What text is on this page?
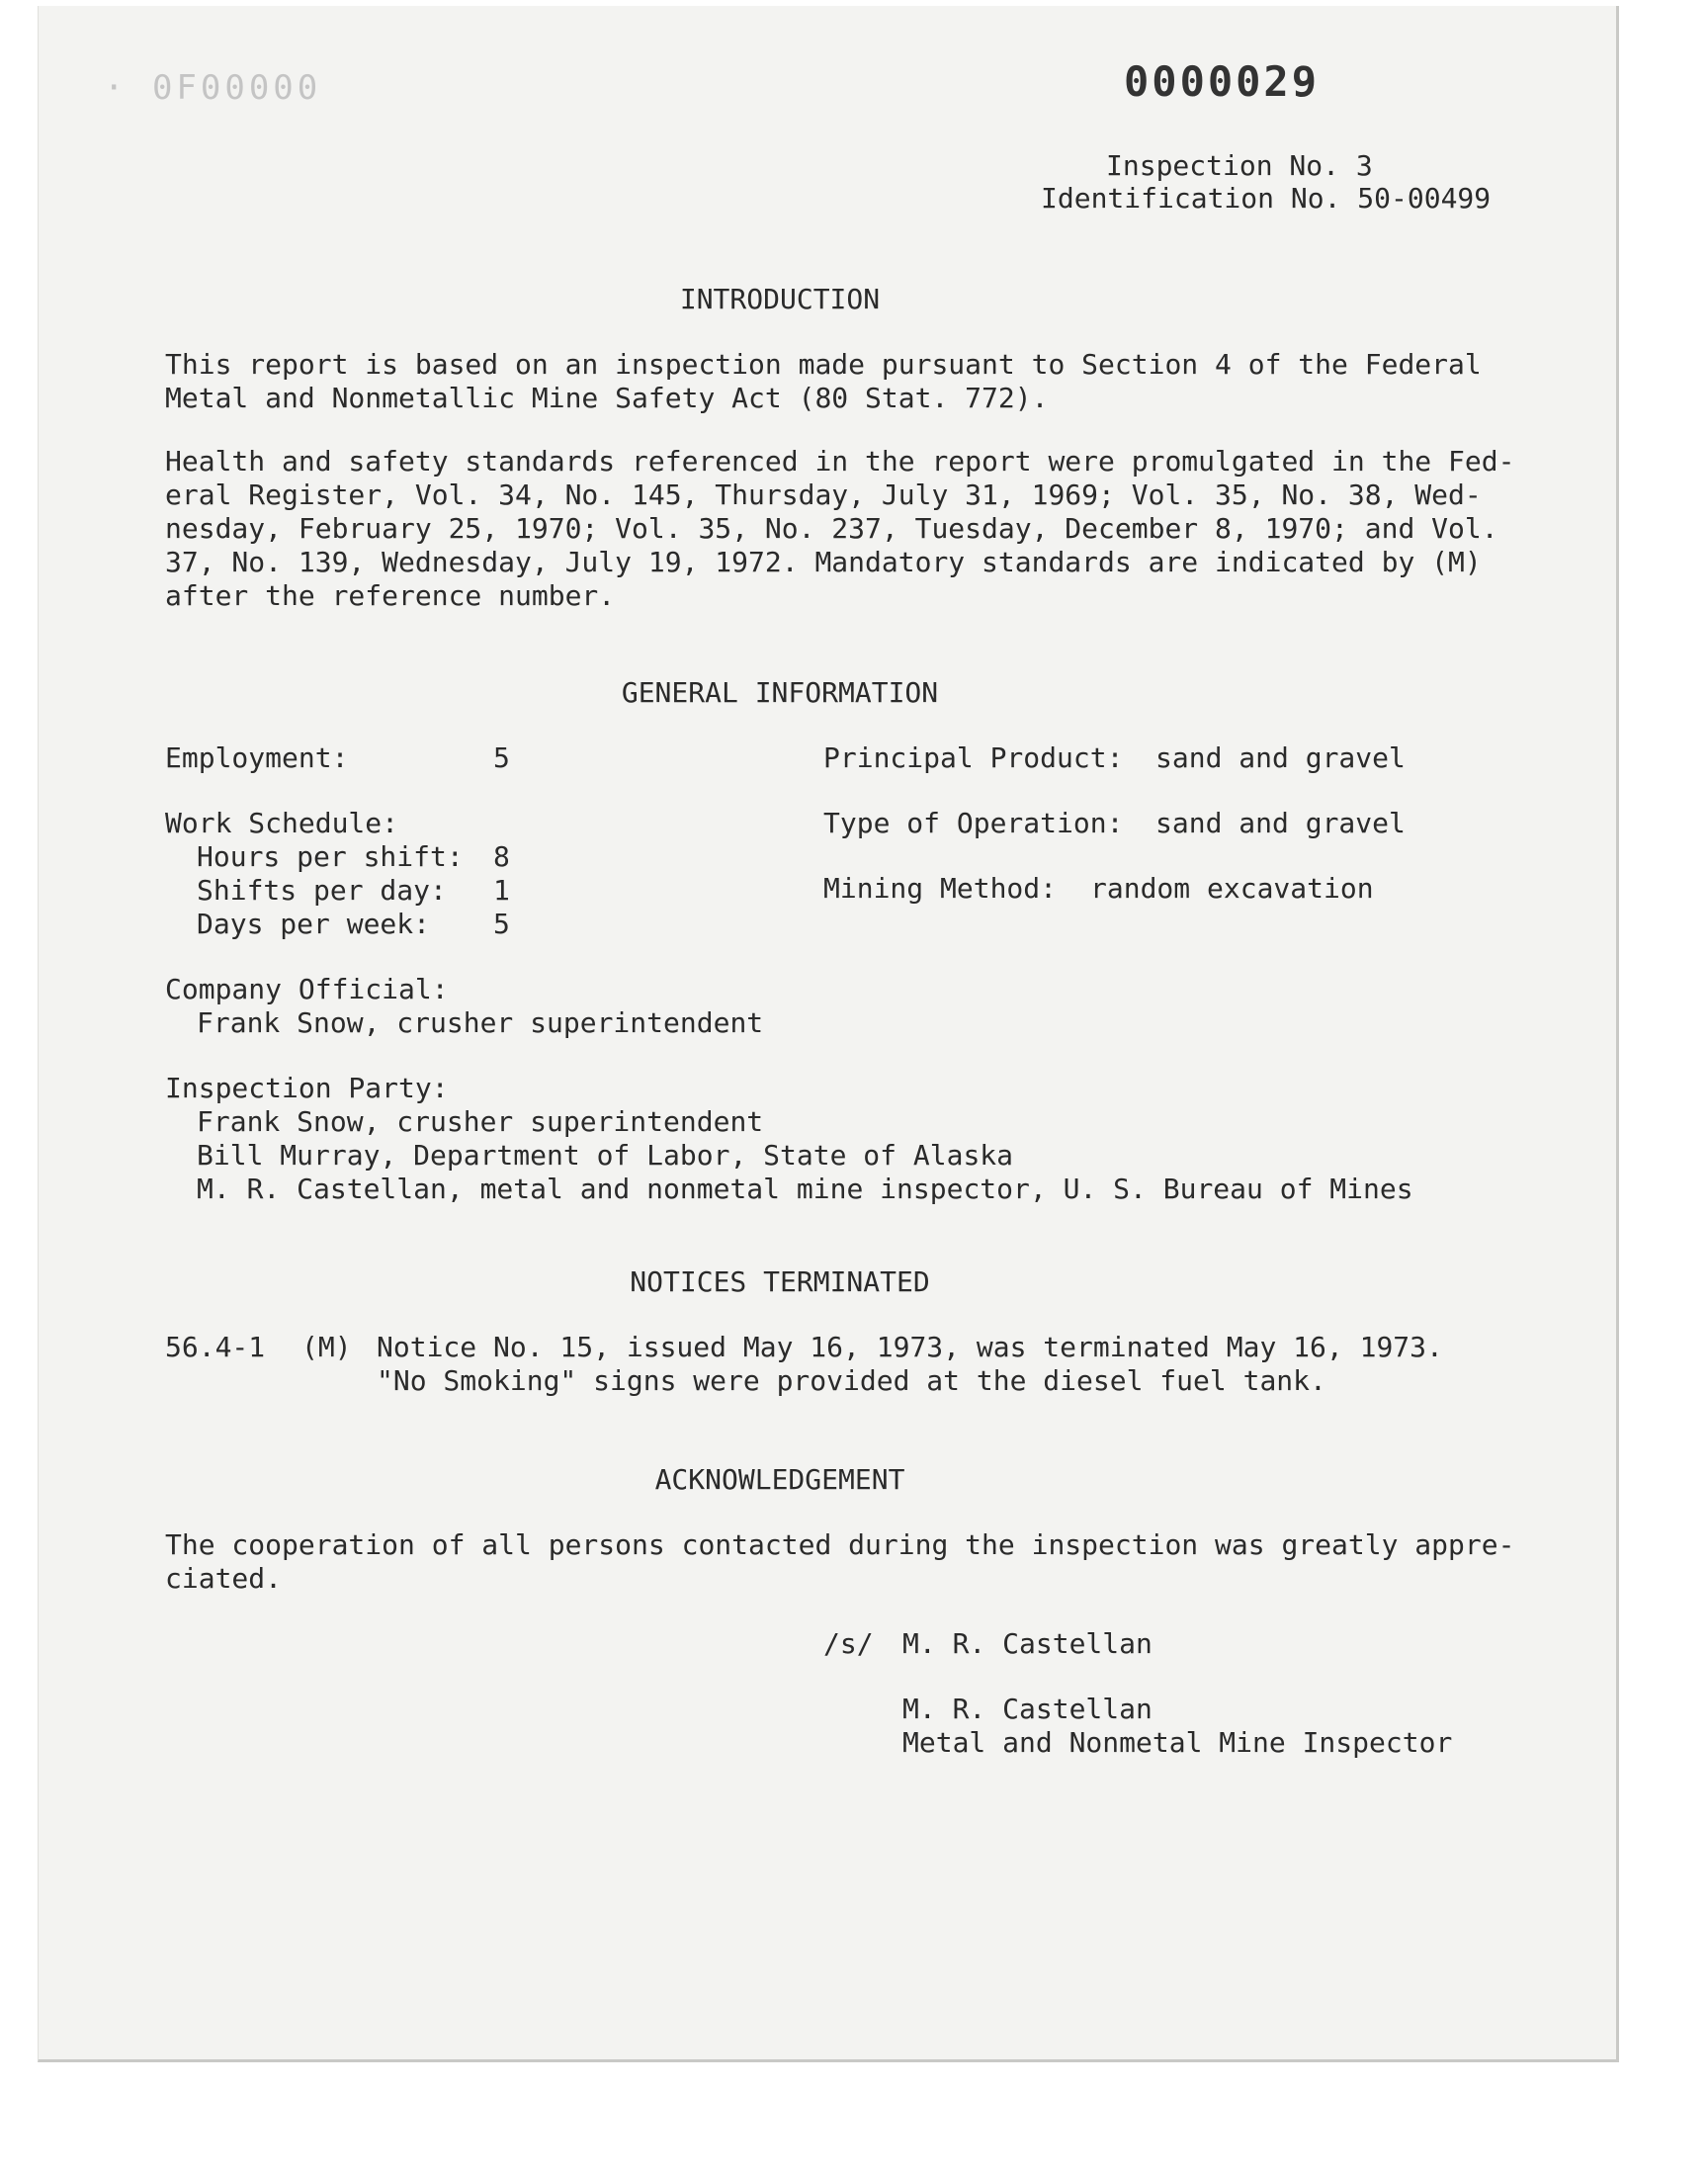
· 0F00000	0000029
Inspection No. 3
Identification No. 50-00499
INTRODUCTION
This report is based on an inspection made pursuant to Section 4 of the Federal
Metal and Nonmetallic Mine Safety Act (80 Stat. 772).
Health and safety standards referenced in the report were promulgated in the Fed-
eral Register, Vol. 34, No. 145, Thursday, July 31, 1969; Vol. 35, No. 38, Wed-
nesday, February 25, 1970; Vol. 35, No. 237, Tuesday, December 8, 1970; and Vol.
37, No. 139, Wednesday, July 19, 1972. Mandatory standards are indicated by (M)
after the reference number.
GENERAL INFORMATION
Employment:	5
Work Schedule:
Hours per shift: 8
Shifts per day: 1
Days per week: 5
Principal Product: sand and gravel
Type of Operation: sand and gravel
Mining Method: random excavation
Company Official:
Frank Snow, crusher superintendent
Inspection Party:
Frank Snow, crusher superintendent
Bill Murray, Department of Labor, State of Alaska
M. R. Castellan, metal and nonmetal mine inspector, U. S. Bureau of Mines
NOTICES TERMINATED
56.4-1 (M) Notice No. 15, issued May 16, 1973, was terminated May 16, 1973.
"No Smoking" signs were provided at the diesel fuel tank.
ACKNOWLEDGEMENT
The cooperation of all persons contacted during the inspection was greatly appre-
ciated.
/s/ M. R. Castellan
M. R. Castellan
Metal and Nonmetal Mine Inspector
